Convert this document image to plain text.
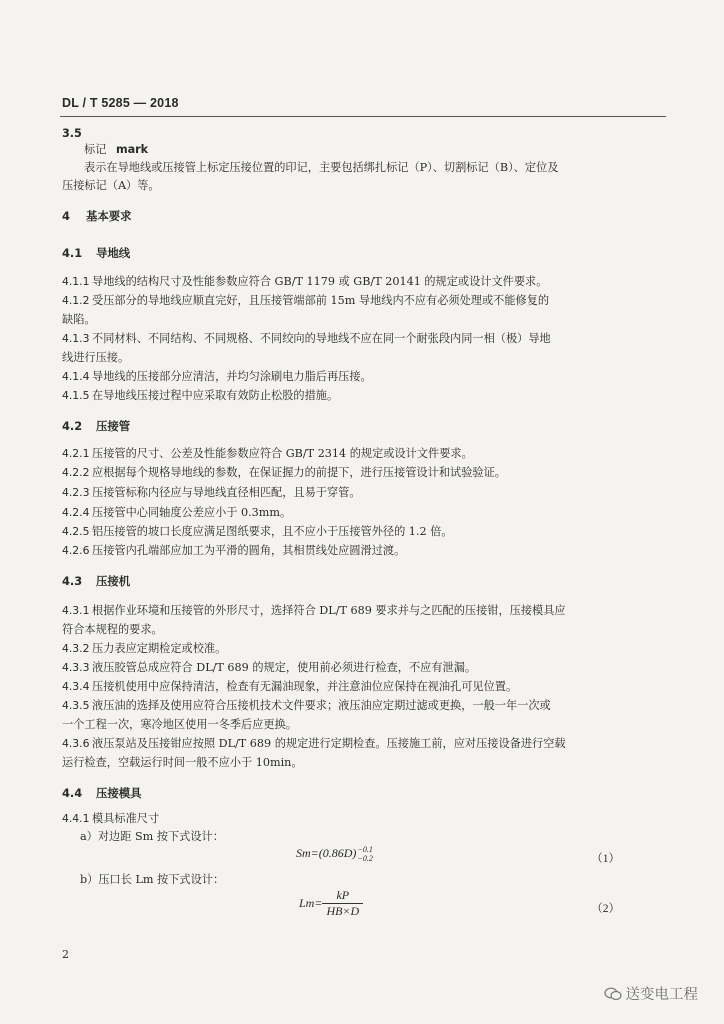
DL / T 5285 — 2018
3.5
标记 mark
表示在导地线或压接管上标定压接位置的印记，主要包括绑扎标记（P）、切割标记（B）、定位及
压接标记（A）等。
4 基本要求
4.1 导地线
4.1.1 导地线的结构尺寸及性能参数应符合 GB/T 1179 或 GB/T 20141 的规定或设计文件要求。
4.1.2 受压部分的导地线应顺直完好，且压接管端部前 15m 导地线内不应有必须处理或不能修复的
缺陷。
4.1.3 不同材料、不同结构、不同规格、不同绞向的导地线不应在同一个耐张段内同一相（极）导地
线进行压接。
4.1.4 导地线的压接部分应清洁，并均匀涂刷电力脂后再压接。
4.1.5 在导地线压接过程中应采取有效防止松股的措施。
4.2 压接管
4.2.1 压接管的尺寸、公差及性能参数应符合 GB/T 2314 的规定或设计文件要求。
4.2.2 应根据每个规格导地线的参数，在保证握力的前提下，进行压接管设计和试验验证。
4.2.3 压接管标称内径应与导地线直径相匹配，且易于穿管。
4.2.4 压接管中心同轴度公差应小于 0.3mm。
4.2.5 铝压接管的坡口长度应满足图纸要求，且不应小于压接管外径的 1.2 倍。
4.2.6 压接管内孔端部应加工为平滑的圆角，其相贯线处应圆滑过渡。
4.3 压接机
4.3.1 根据作业环境和压接管的外形尺寸，选择符合 DL/T 689 要求并与之匹配的压接钳，压接模具应
符合本规程的要求。
4.3.2 压力表应定期检定或校准。
4.3.3 液压胶管总成应符合 DL/T 689 的规定，使用前必须进行检查，不应有泄漏。
4.3.4 压接机使用中应保持清洁，检查有无漏油现象，并注意油位应保持在视油孔可见位置。
4.3.5 液压油的选择及使用应符合压接机技术文件要求；液压油应定期过滤或更换，一般一年一次或
一个工程一次，寒冷地区使用一冬季后应更换。
4.3.6 液压泵站及压接钳应按照 DL/T 689 的规定进行定期检查。压接施工前，应对压接设备进行空载
运行检查，空载运行时间一般不应小于 10min。
4.4 压接模具
4.4.1 模具标准尺寸
a）对边距 Sm 按下式设计：
Sm=(0.86D) −0.1
−0.2	（1）
b）压口长 Lm 按下式设计：
$Lm= \frac{kP}{HB\times D}$	（2）
2
送变电工程
